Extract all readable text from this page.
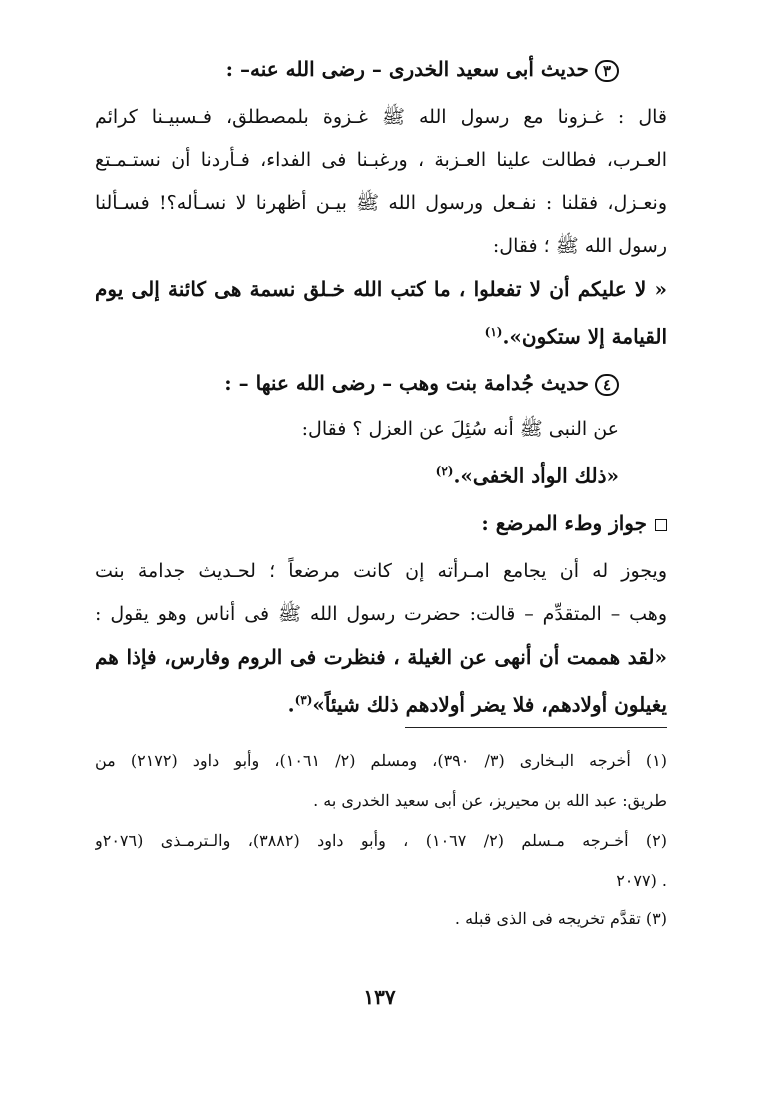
٣حديث أبى سعيد الخدرى – رضى الله عنه– :
قال : غـزونا مع رسول الله ﷺ غـزوة بلمصطلق، فـسبيـنا كرائم
العـرب، فطالت علينا العـزبة ، ورغبـنا فى الفداء، فـأردنا أن نستـمـتع
ونعـزل، فقلنا : نفـعل ورسول الله ﷺ بيـن أظهرنا لا نسـأله؟! فسـألنا
رسول الله ﷺ ؛ فقال:
« لا عليكم أن لا تفعلوا ، ما كتب الله خـلق نسمة هى كائنة إلى يوم
القيامة إلا ستكون».$^{(١)}$
٤حديث جُدامة بنت وهب – رضى الله عنها – :
عن النبى ﷺ أنه سُئِلَ عن العزل ؟ فقال:
«ذلك الوأد الخفى».$^{(٢)}$
جواز وطء المرضع :
ويجوز له أن يجامع امـرأته إن كانت مرضعاً ؛ لحـديث جدامة بنت
وهب – المتقدِّم – قالت: حضرت رسول الله ﷺ فى أناس وهو يقول :
«لقد هممت أن أنهى عن الغيلة ، فنظرت فى الروم وفارس، فإذا هم
يغيلون أولادهم، فلا يضر أولادهم ذلك شيئاً»$^{(٣)}$.
(١) أخرجه البـخارى (٣/ ٣٩٠)، ومسلم (٢/ ١٠٦١)، وأبو داود (٢١٧٢) من
طريق: عبد الله بن محيريز، عن أبى سعيد الخدرى به .
(٢) أخـرجه مـسلم (٢/ ١٠٦٧) ، وأبو داود (٣٨٨٢)، والـترمـذى (٢٠٧٦و
. (٢٠٧٧
(٣) تقدَّم تخريجه فى الذى قبله .
١٣٧
